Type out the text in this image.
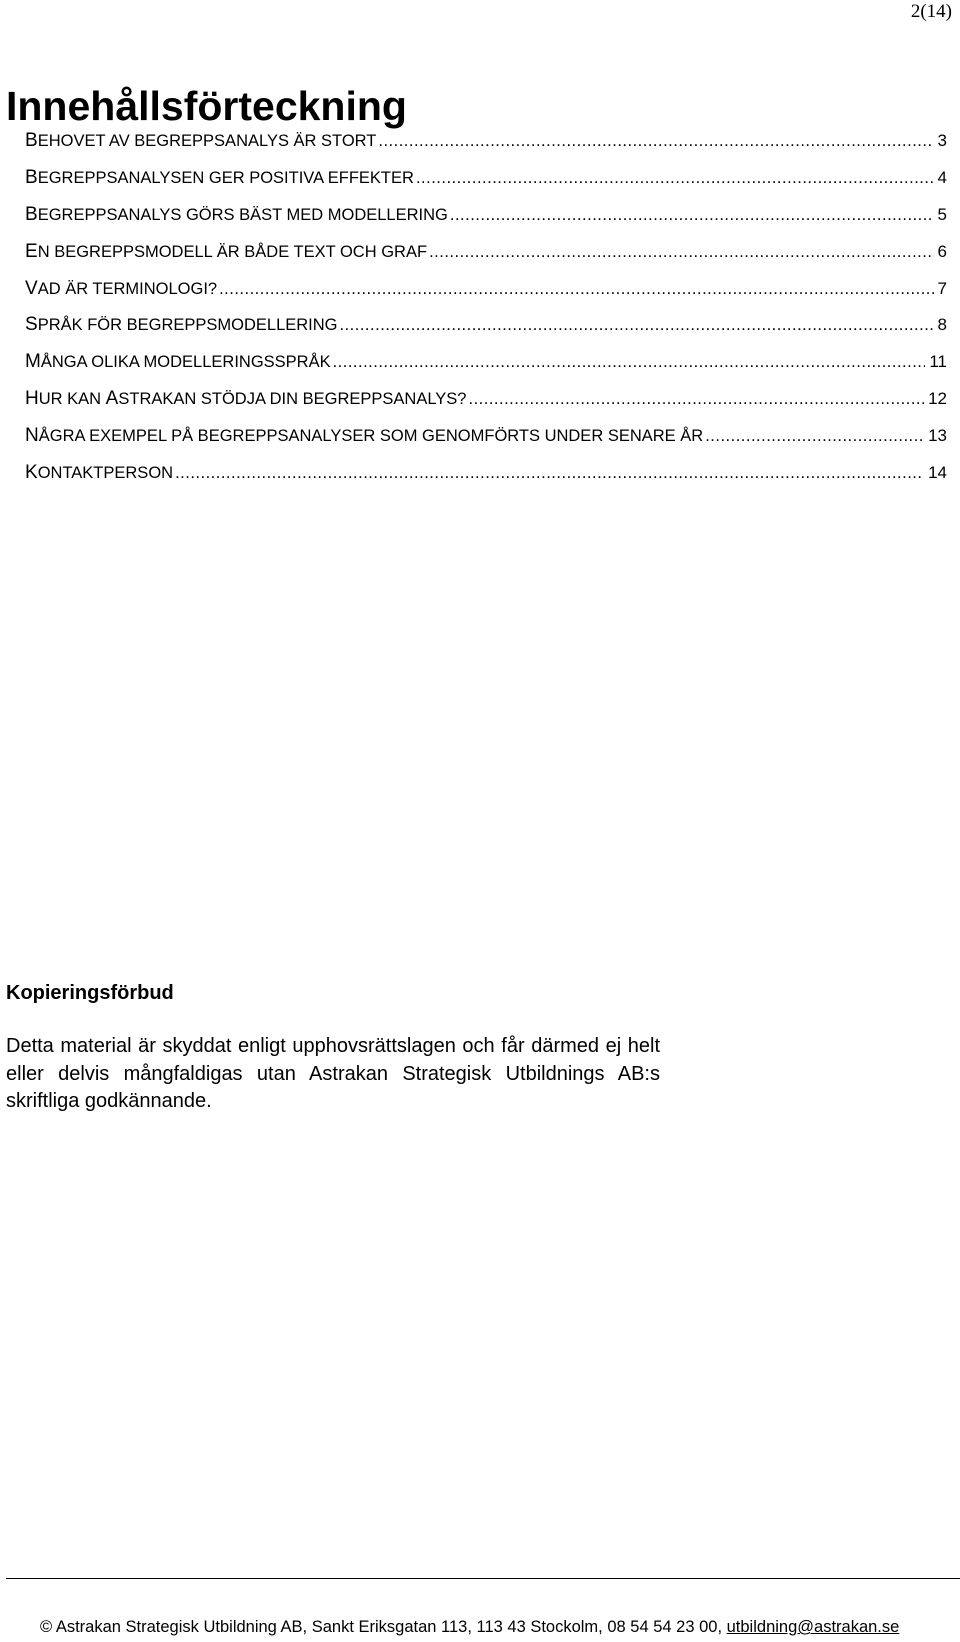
2(14)
Innehållsförteckning
BEHOVET AV BEGREPPSANALYS ÄR STORT .....	3
BEGREPPSANALYSEN GER POSITIVA EFFEKTER .....	4
BEGREPPSANALYS GÖRS BÄST MED MODELLERING .....	5
EN BEGREPPSMODELL ÄR BÅDE TEXT OCH GRAF .....	6
VAD ÄR TERMINOLOGI? .....	7
SPRÅK FÖR BEGREPPSMODELLERING .....	8
MÅNGA OLIKA MODELLERINGSSPRÅK .....	11
HUR KAN ASTRAKAN STÖDJA DIN BEGREPPSANALYS? .....	12
NÅGRA EXEMPEL PÅ BEGREPPSANALYSER SOM GENOMFÖRTS UNDER SENARE ÅR .....	13
KONTAKTPERSON .....	14
Kopieringsförbud

Detta material är skyddat enligt upphovsrättslagen och får därmed ej helt eller delvis mångfaldigas utan Astrakan Strategisk Utbildnings AB:s skriftliga godkännande.

© Astrakan Strategisk Utbildning AB, Sankt Eriksgatan 113, 113 43 Stockolm, 08 54 54 23 00, utbildning@astrakan.se
